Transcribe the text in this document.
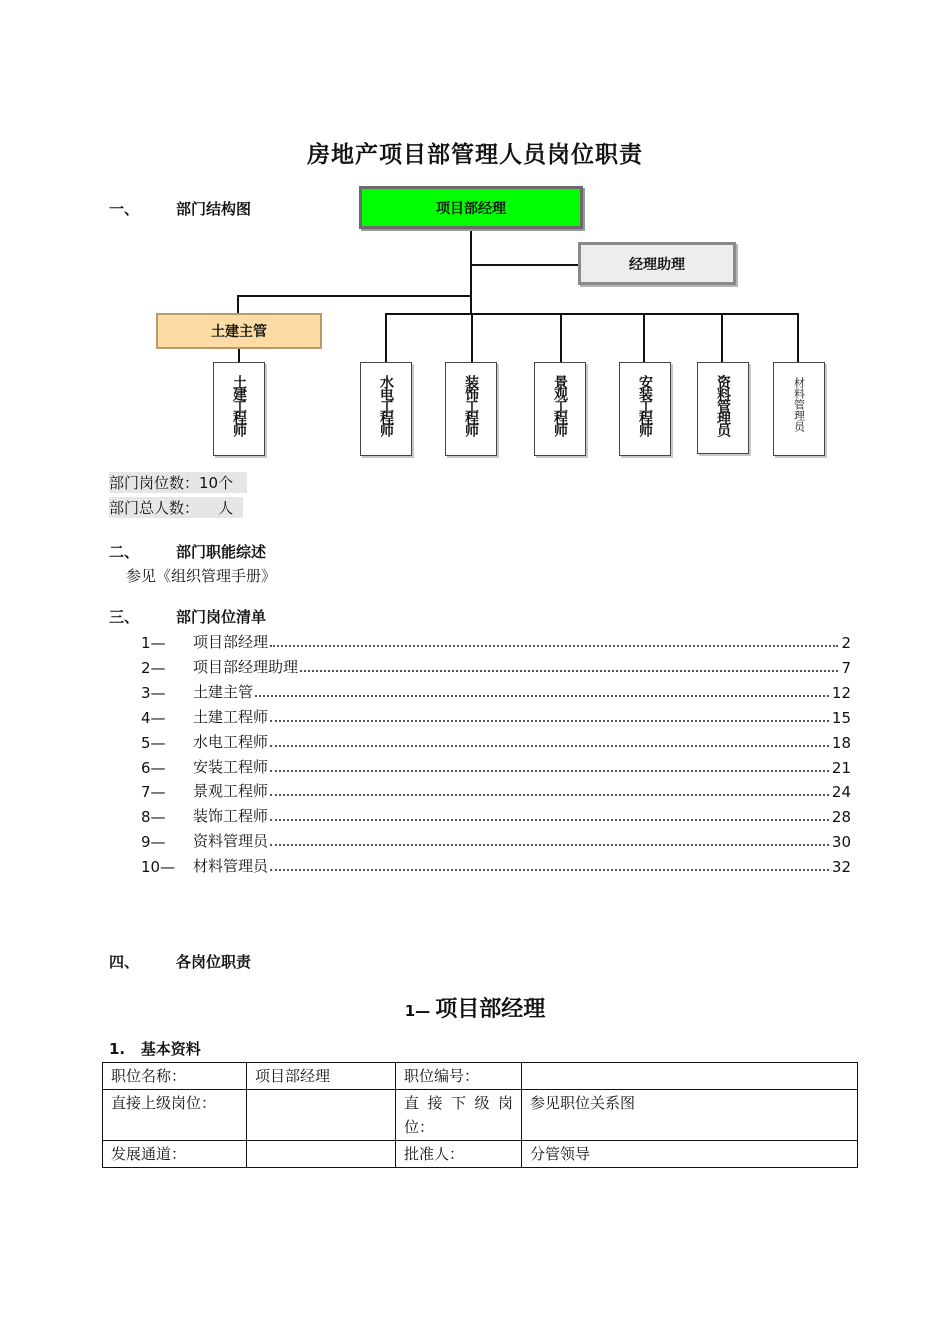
房地产项目部管理人员岗位职责
一、 部门结构图	项目部经理
经理助理
土建主管
土建工程师	水电工程师	装饰工程师	景观工程师	安装工程师	资料管理员	材料管理员
部门岗位数：10个
部门总人数：    人
二、 部门职能综述
参见《组织管理手册》
三、 部门岗位清单
1—	项目部经理	2
2—	项目部经理助理	7
3—	土建主管	12
4—	土建工程师	15
5—	水电工程师	18
6—	安装工程师	21
7—	景观工程师	24
8—	装饰工程师	28
9—	资料管理员	30
10—	材料管理员	32
四、 各岗位职责
1— 项目部经理
1.   基本资料
职位名称：	项目部经理	职位编号：	
直接上级岗位：		直 接 下 级 岗 位：	参见职位关系图
发展通道：		批准人：	分管领导
